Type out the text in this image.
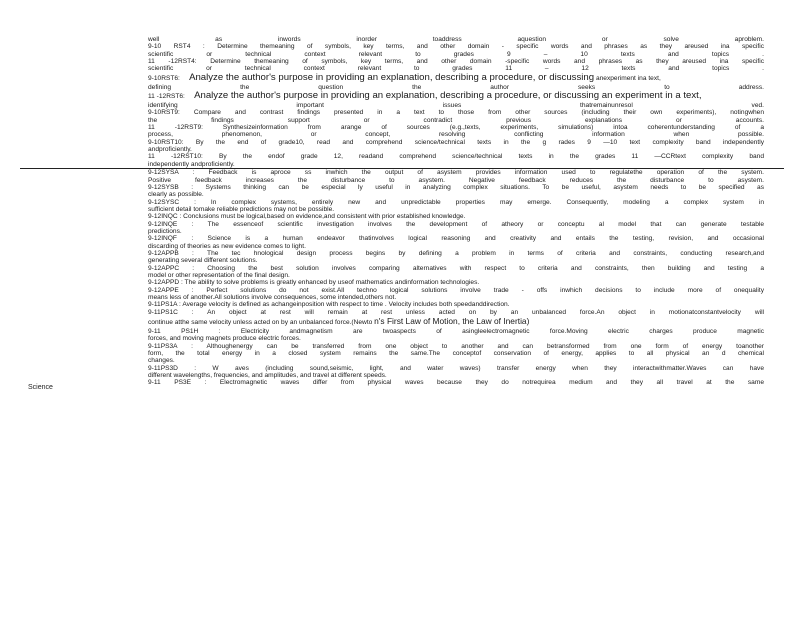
well as inwords inorder toaddress aquestion or solve aproblem.
9-10 RST4 : Determine themeaning of symbols, key terms, and other domain - specific words and phrases as they areused ina specific
scientific or technical context relevant to grades 9 – 10 texts and topics .
11 -12RST4: Determine themeaning of symbols, key terms, and other domain -specific words and phrases as they areused ina specific
scientific or technical context relevant to grades 11 – 12 texts and topics .
9-10RST6: Analyze the author's purpose in providing an explanation, describing a procedure, or discussing anexperiment ina text,
defining the question the author seeks to address.
11 -12RST6: Analyze the author's purpose in providing an explanation, describing a procedure, or discussing an experiment in a text,
identifying important issues thatremainunresol ved.
9-10RST9: Compare and contrast findings presented in a text to those from other sources (including their own experiments), notingwhen
the findings support or contradict previous explanations or accounts.
11 -12RST9: Synthesizeinformation from arange of sources (e.g.,texts, experiments, simulations) intoa coherentunderstanding of a
process, phenomenon, or concept, resolving conflicting information when possible.
9-10RST10: By the end of grade10, read and comprehend science/technical texts in the g rades 9 —10 text complexity band independently
andproficiently.
11 -12RST10: By the endof grade 12, readand comprehend science/technical texts in the grades 11 —CCRtext complexity band
independently andproficiently.
Science
9-12SYSA : Feedback is aproce ss inwhich the output of asystem provides information used to regulatethe operation of the system.
Positive feedback increases the disturbance to asystem. Negative feedback reduces the disturbance to asystem.
9-12SYSB : Systems thinking can be especial ly useful in analyzing complex situations. To be useful, asystem needs to be specified as
clearly as possible.
9-12SYSC : In complex systems, entirely new and unpredictable properties may emerge. Consequently, modeling a complex system in
sufficient detail tomake reliable predictions may not be possible.
9-12INQC : Conclusions must be logical,based on evidence,and consistent with prior established knowledge.
9-12INQE : The essenceof scientific investigation involves the development of atheory or conceptu al model that can generate testable
predictions.
9-12INQF : Science is a human endeavor thatinvolves logical reasoning and creativity and entails the testing, revision, and occasional
discarding of theories as new evidence comes to light.
9-12APPB : The tec hnological design process begins by defining a problem in terms of criteria and constraints, conducting research,and
generating several different solutions.
9-12APPC : Choosing the best solution involves comparing alternatives with respect to criteria and constraints, then building and testing a
model or other representation of the final design.
9-12APPD : The ability to solve problems is greatly enhanced by useof mathematics andinformation technologies.
9-12APPE : Perfect solutions do not exist.All techno logical solutions involve trade - offs inwhich decisions to include more of onequality
means less of another.All solutions involve consequences, some intended,others not.
9-11PS1A : Average velocity is defined as achangeinposition with respect to time . Velocity includes both speedanddirection.
9-11PS1C : An object at rest will remain at rest unless acted on by an unbalanced force.An object in motionatconstantvelocity will
continue atthe same velocity unless acted on by an unbalanced force.(Newto n's First Law of Motion, the Law of Inertia)
9-11 PS1H : Electricity andmagnetism are twoaspects of asingleelectromagnetic force.Moving electric charges produce magnetic
forces, and moving magnets produce electric forces.
9-11PS3A : Althoughenergy can be transferred from one object to another and can betransformed from one form of energy toanother
form, the total energy in a closed system remains the same.The conceptof conservation of energy, applies to all physical an d chemical
changes.
9-11PS3D : W aves (including sound,seismic, light, and water waves) transfer energy when they interactwithmatter.Waves can have
different wavelengths, frequencies, and amplitudes, and travel at different speeds.
9-11 PS3E : Electromagnetic waves differ from physical waves because they do notrequirea medium and they all travel at the same
